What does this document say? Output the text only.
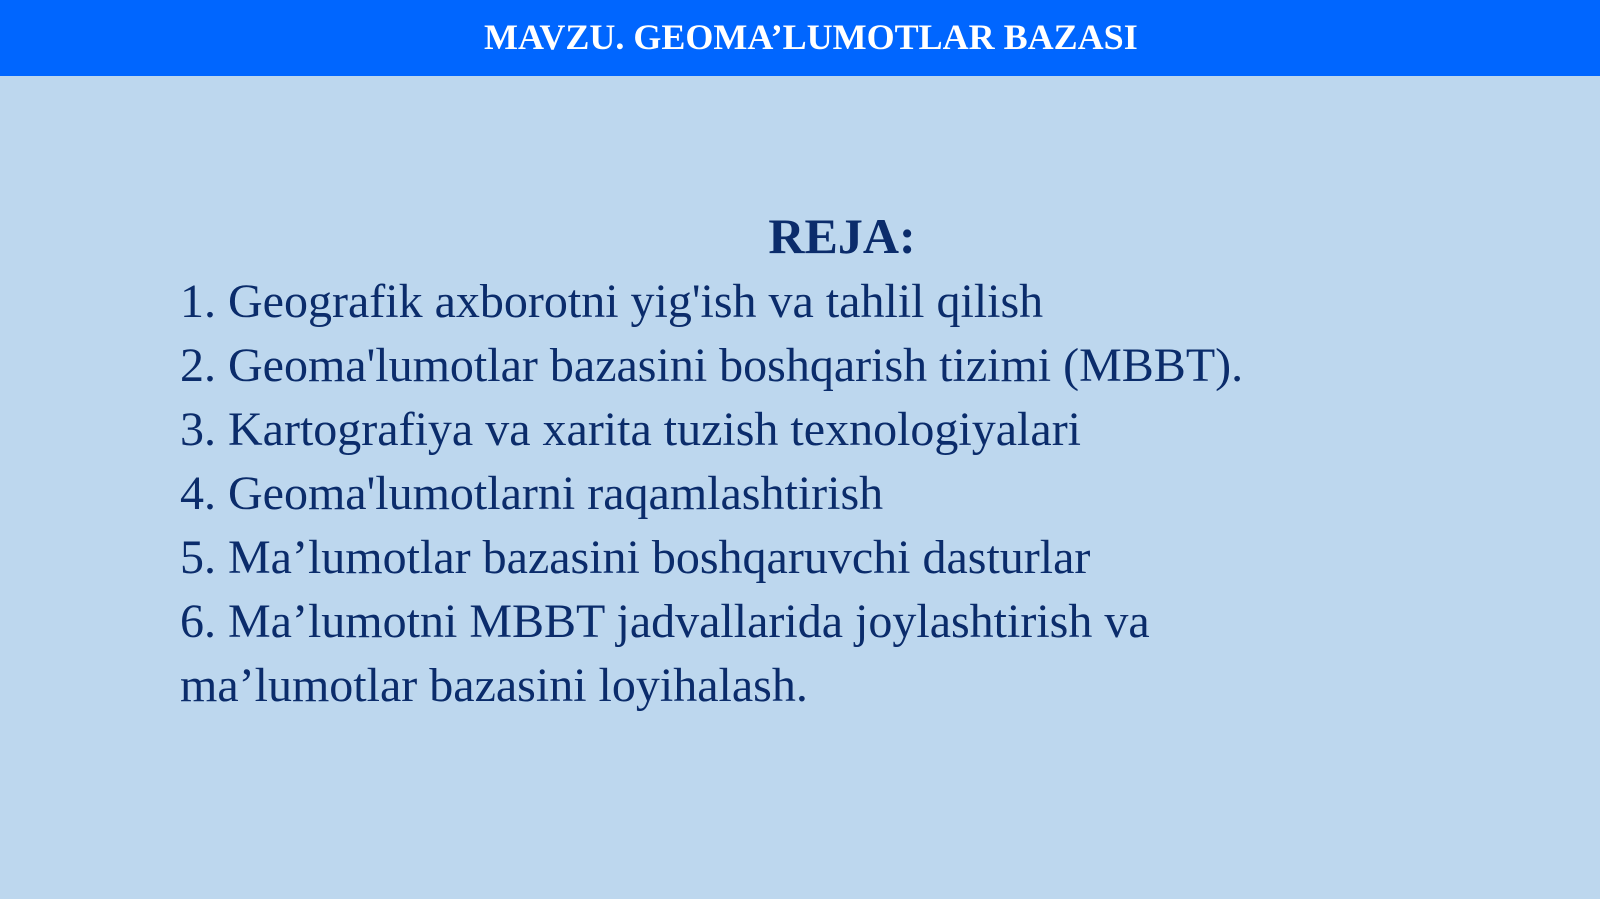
MAVZU. GEOMA’LUMOTLAR BAZASI
REJA:
1. Geografik axborotni yig'ish va tahlil qilish
2. Geoma'lumotlar bazasini boshqarish tizimi (MBBT).
3. Kartografiya va xarita tuzish texnologiyalari
4. Geoma'lumotlarni raqamlashtirish
5. Ma’lumotlar bazasini boshqaruvchi dasturlar
6. Ma’lumotni MBBT jadvallarida joylashtirish va
ma’lumotlar bazasini loyihalash.
